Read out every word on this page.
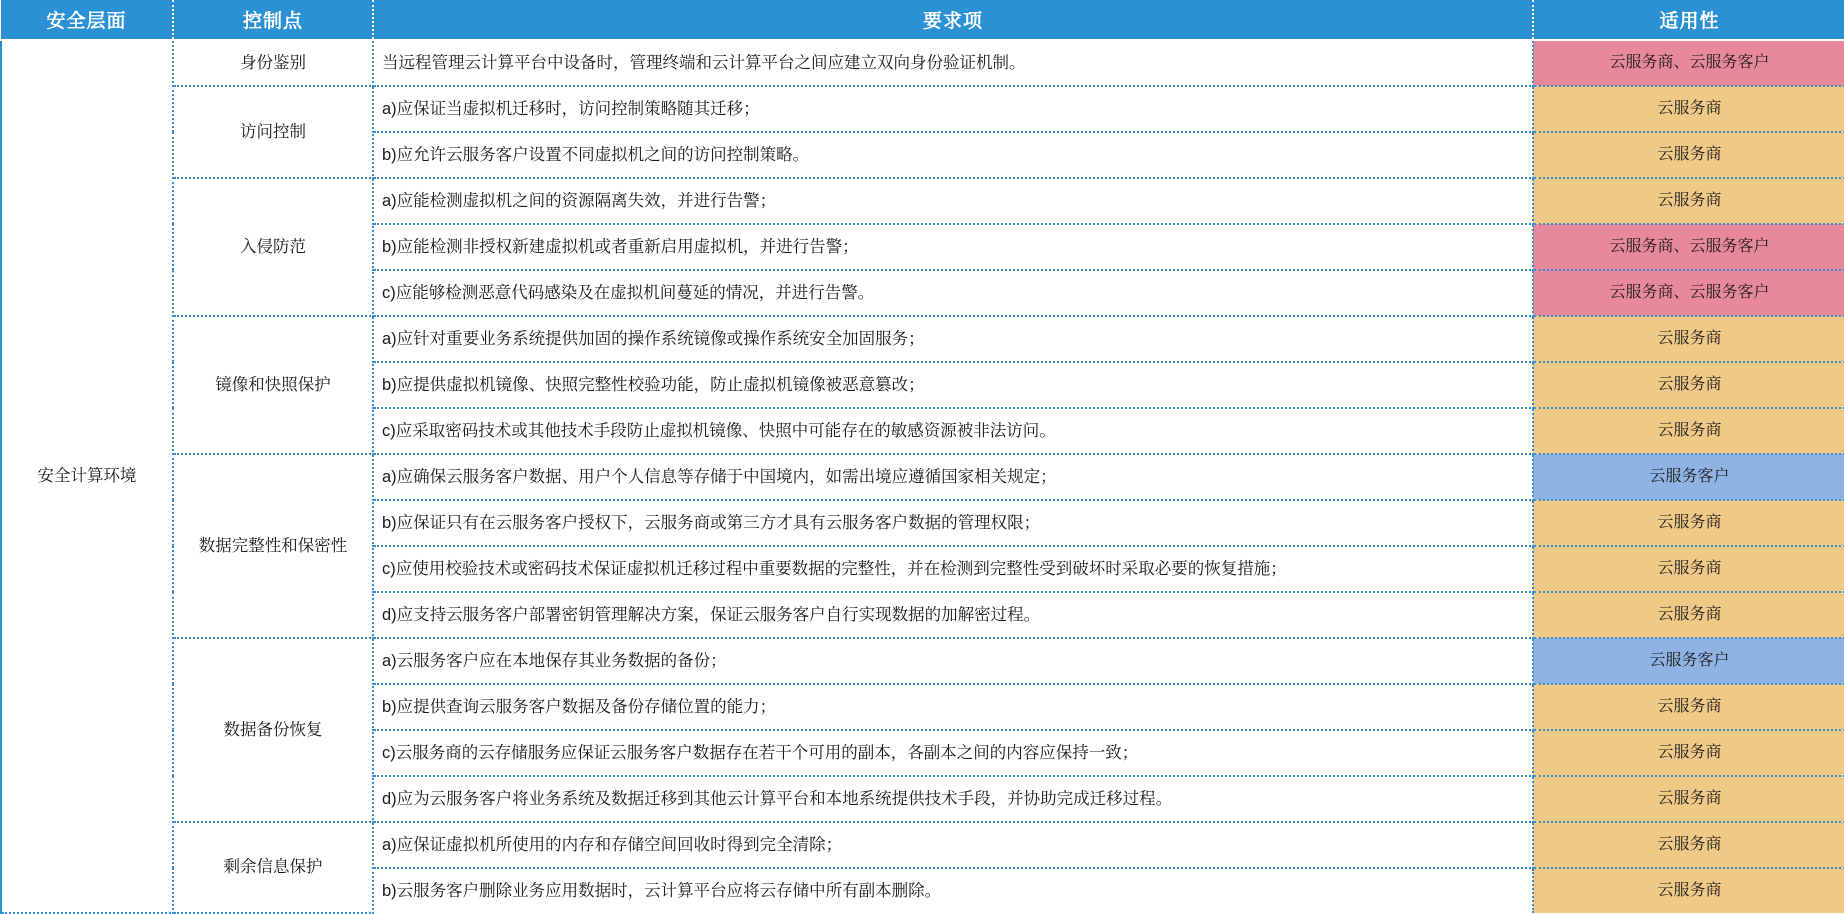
安全层面	控制点	要求项	适用性
安全计算环境	身份鉴别	当远程管理云计算平台中设备时，管理终端和云计算平台之间应建立双向身份验证机制。	云服务商、云服务客户
	访问控制	a)应保证当虚拟机迁移时，访问控制策略随其迁移；	云服务商
		b)应允许云服务客户设置不同虚拟机之间的访问控制策略。	云服务商
	入侵防范	a)应能检测虚拟机之间的资源隔离失效，并进行告警；	云服务商
		b)应能检测非授权新建虚拟机或者重新启用虚拟机，并进行告警；	云服务商、云服务客户
		c)应能够检测恶意代码感染及在虚拟机间蔓延的情况，并进行告警。	云服务商、云服务客户
	镜像和快照保护	a)应针对重要业务系统提供加固的操作系统镜像或操作系统安全加固服务；	云服务商
		b)应提供虚拟机镜像、快照完整性校验功能，防止虚拟机镜像被恶意篡改；	云服务商
		c)应采取密码技术或其他技术手段防止虚拟机镜像、快照中可能存在的敏感资源被非法访问。	云服务商
	数据完整性和保密性	a)应确保云服务客户数据、用户个人信息等存储于中国境内，如需出境应遵循国家相关规定；	云服务客户
		b)应保证只有在云服务客户授权下，云服务商或第三方才具有云服务客户数据的管理权限；	云服务商
		c)应使用校验技术或密码技术保证虚拟机迁移过程中重要数据的完整性，并在检测到完整性受到破坏时采取必要的恢复措施；	云服务商
		d)应支持云服务客户部署密钥管理解决方案，保证云服务客户自行实现数据的加解密过程。	云服务商
	数据备份恢复	a)云服务客户应在本地保存其业务数据的备份；	云服务客户
		b)应提供查询云服务客户数据及备份存储位置的能力；	云服务商
		c)云服务商的云存储服务应保证云服务客户数据存在若干个可用的副本，各副本之间的内容应保持一致；	云服务商
		d)应为云服务客户将业务系统及数据迁移到其他云计算平台和本地系统提供技术手段，并协助完成迁移过程。	云服务商
	剩余信息保护	a)应保证虚拟机所使用的内存和存储空间回收时得到完全清除；	云服务商
		b)云服务客户删除业务应用数据时，云计算平台应将云存储中所有副本删除。	云服务商
